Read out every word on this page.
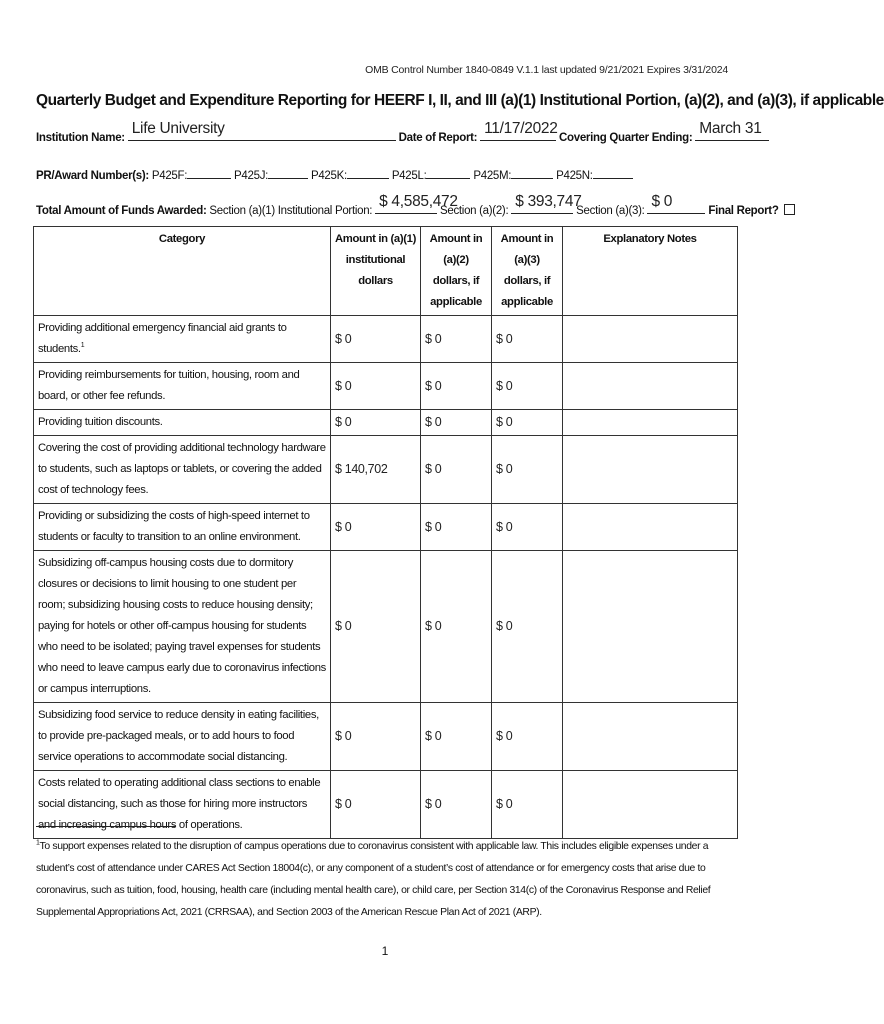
OMB Control Number 1840-0849 V.1.1 last updated 9/21/2021 Expires 3/31/2024
Quarterly Budget and Expenditure Reporting for HEERF I, II, and III (a)(1) Institutional Portion, (a)(2), and (a)(3), if applicable
Institution Name:
Life University
Date of Report:
11/17/2022
Covering Quarter Ending:
March 31
PR/Award Number(s): P425F:	P425J:	P425K:	P425L:	P425M:	P425N:
Total Amount of Funds Awarded: Section (a)(1) Institutional Portion:
$ 4,585,472
Section (a)(2):
$ 393,747
Section (a)(3):
$ 0
Final Report?
Category	Amount in (a)(1) institutional dollars	Amount in (a)(2) dollars, if applicable	Amount in (a)(3) dollars, if applicable	Explanatory Notes
Providing additional emergency financial aid grants to students.$^1$	$ 0	$ 0	$ 0	
Providing reimbursements for tuition, housing, room and board, or other fee refunds.	$ 0	$ 0	$ 0	
Providing tuition discounts.	$ 0	$ 0	$ 0	
Covering the cost of providing additional technology hardware to students, such as laptops or tablets, or covering the added cost of technology fees.	$ 140,702	$ 0	$ 0	
Providing or subsidizing the costs of high-speed internet to students or faculty to transition to an online environment.	$ 0	$ 0	$ 0	
Subsidizing off-campus housing costs due to dormitory closures or decisions to limit housing to one student per room; subsidizing housing costs to reduce housing density; paying for hotels or other off-campus housing for students who need to be isolated; paying travel expenses for students who need to leave campus early due to coronavirus infections or campus interruptions.	$ 0	$ 0	$ 0	
Subsidizing food service to reduce density in eating facilities, to provide pre-packaged meals, or to add hours to food service operations to accommodate social distancing.	$ 0	$ 0	$ 0	
Costs related to operating additional class sections to enable social distancing, such as those for hiring more instructors and increasing campus hours of operations.	$ 0	$ 0	$ 0	
$^1$To support expenses related to the disruption of campus operations due to coronavirus consistent with applicable law. This includes eligible expenses under a student’s cost of attendance under CARES Act Section 18004(c), or any component of a student’s cost of attendance or for emergency costs that arise due to coronavirus, such as tuition, food, housing, health care (including mental health care), or child care, per Section 314(c) of the Coronavirus Response and Relief Supplemental Appropriations Act, 2021 (CRRSAA), and Section 2003 of the American Rescue Plan Act of 2021 (ARP).
1
